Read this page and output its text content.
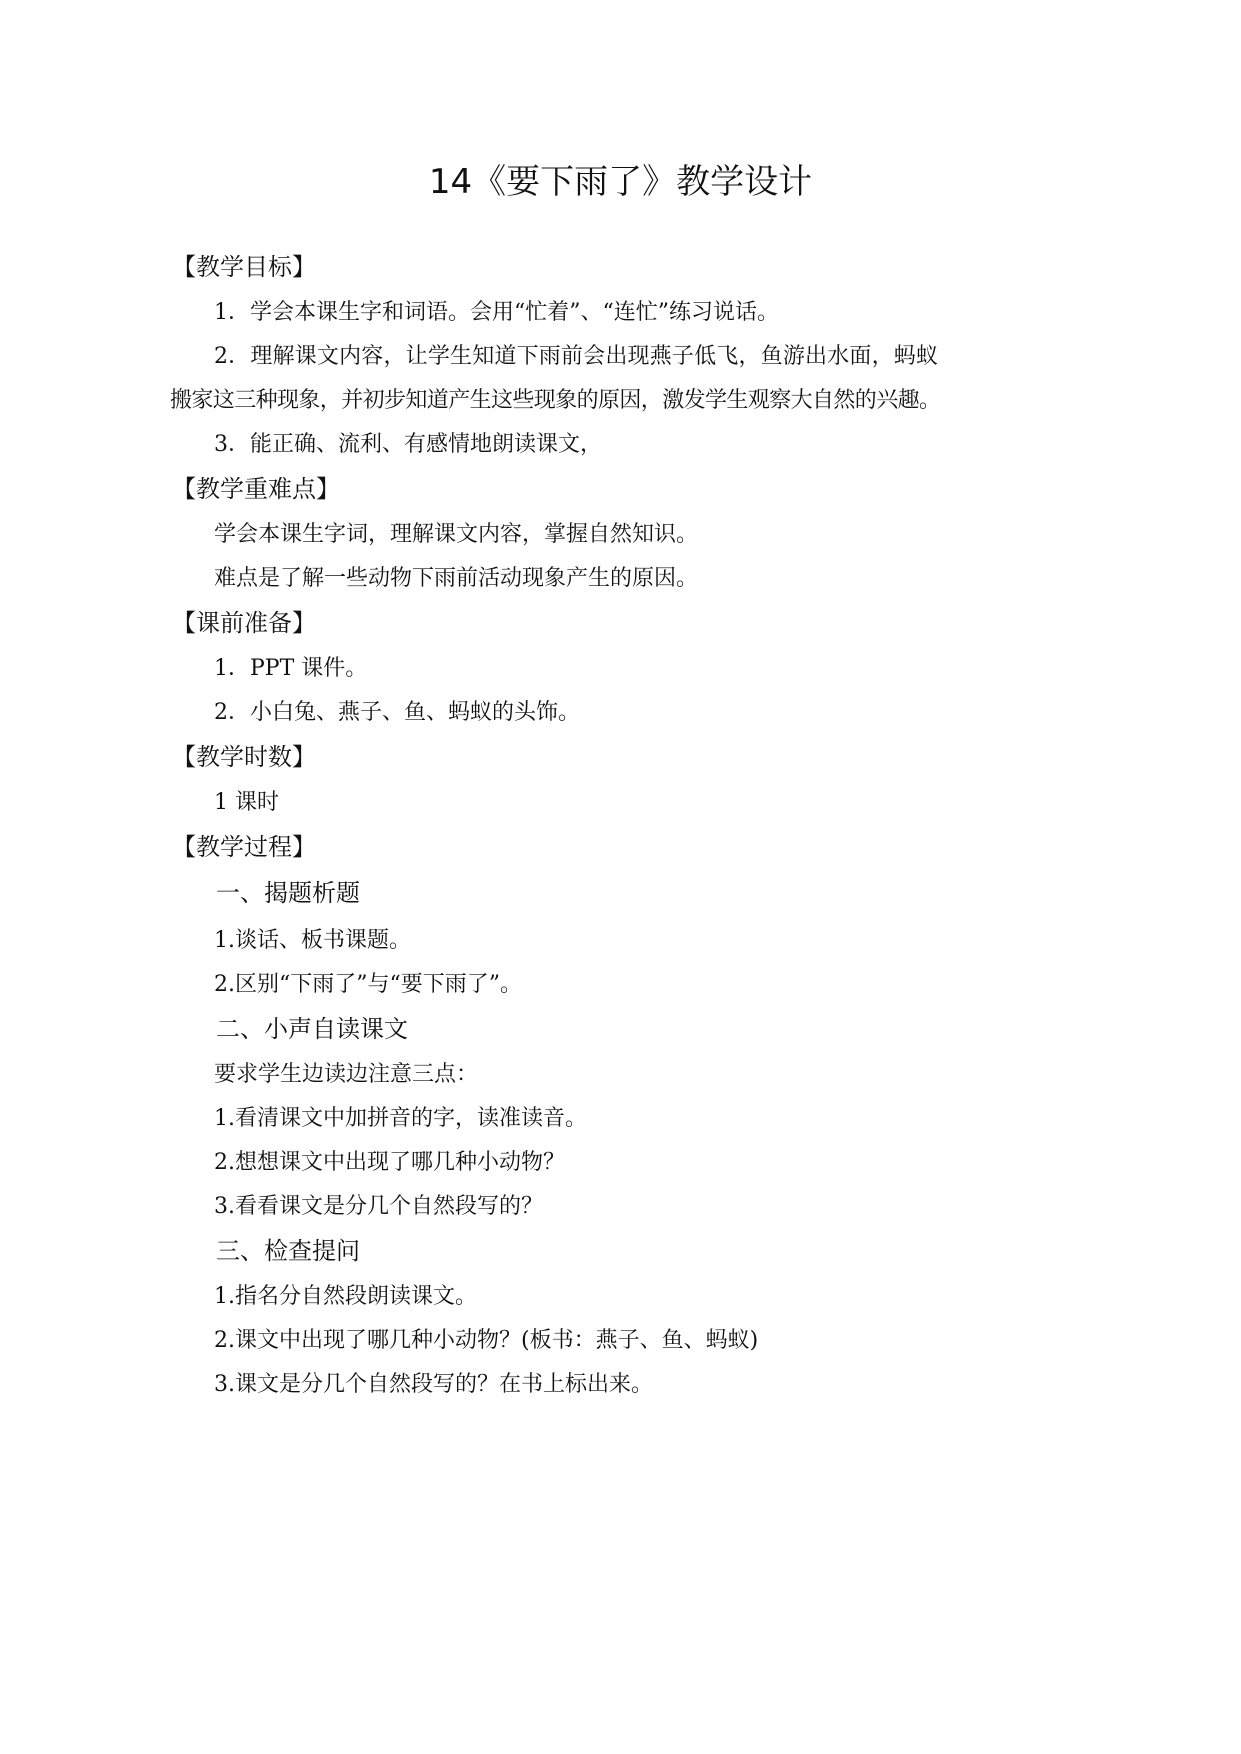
14《要下雨了》教学设计
【教学目标】
1．学会本课生字和词语。会用“忙着”、“连忙”练习说话。
2 ． 理 解 课 文 内 容 ， 让 学 生 知 道 下 雨 前 会 出 现 燕 子 低 飞 ， 鱼 游 出 水 面 ， 蚂 蚁
搬家这三种现象，并初步知道产生这些现象的原因，激发学生观察大自然的兴趣。
3．能正确、流利、有感情地朗读课文，
【教学重难点】
学会本课生字词，理解课文内容，掌握自然知识。
难点是了解一些动物下雨前活动现象产生的原因。
【课前准备】
1．PPT 课件。
2．小白兔、燕子、鱼、蚂蚁的头饰。
【教学时数】
1 课时
【教学过程】
一、揭题析题
1.谈话、板书课题。
2.区别“下雨了”与“要下雨了”。
二、小声自读课文
要求学生边读边注意三点：
1.看清课文中加拼音的字，读准读音。
2.想想课文中出现了哪几种小动物？
3.看看课文是分几个自然段写的？
三、检查提问
1.指名分自然段朗读课文。
2.课文中出现了哪几种小动物？(板书：燕子、鱼、蚂蚁)
3.课文是分几个自然段写的？在书上标出来。
